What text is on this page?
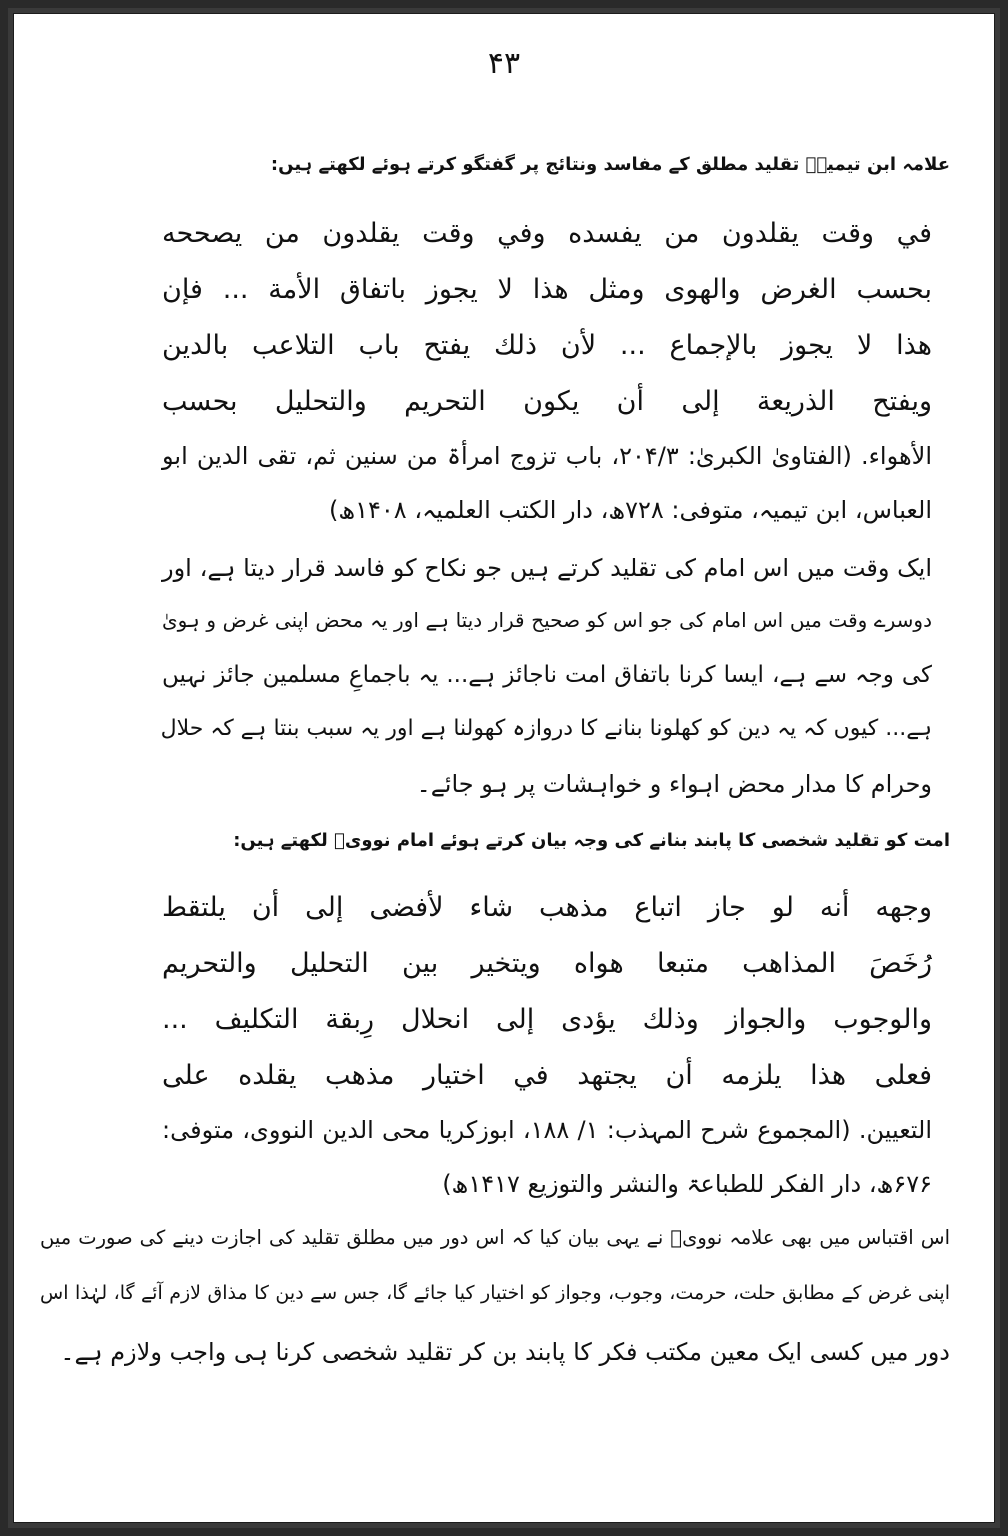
۴۳
علامہ ابن تیمیہؒ تقلید مطلق کے مفاسد ونتائج پر گفتگو کرتے ہوئے لکھتے ہیں:
في وقت يقلدون من يفسده وفي وقت يقلدون من يصححه
بحسب الغرض والهوى ومثل هذا لا يجوز باتفاق الأمة ... فإن
هذا لا يجوز بالإجماع ... لأن ذلك يفتح باب التلاعب بالدين
ويفتح الذريعة إلى أن يكون التحريم والتحليل بحسب
الأهواء. (الفتاویٰ الکبریٰ: ۲۰۴/۳، باب تزوج امرأۃ من سنین ثم، تقی الدین ابو
العباس، ابن تیمیہ، متوفی: ۷۲۸ھ، دار الکتب العلمیہ، ۱۴۰۸ھ)
ایک وقت میں اس امام کی تقلید کرتے ہیں جو نکاح کو فاسد قرار دیتا ہے، اور
دوسرے وقت میں اس امام کی جو اس کو صحیح قرار دیتا ہے اور یہ محض اپنی غرض و ہویٰ
کی وجہ سے ہے، ایسا کرنا باتفاق امت ناجائز ہے... یہ باجماعِ مسلمین جائز نہیں
ہے... کیوں کہ یہ دین کو کھلونا بنانے کا دروازہ کھولنا ہے اور یہ سبب بنتا ہے کہ حلال
وحرام کا مدار محض اہواء و خواہشات پر ہو جائے۔
امت کو تقلید شخصی کا پابند بنانے کی وجہ بیان کرتے ہوئے امام نوویؒ لکھتے ہیں:
وجهه أنه لو جاز اتباع مذهب شاء لأفضى إلى أن يلتقط
رُخَصَ المذاهب متبعا هواه ويتخير بين التحليل والتحريم
والوجوب والجواز وذلك يؤدى إلى انحلال رِبقة التكليف ...
فعلى هذا يلزمه أن يجتهد في اختيار مذهب يقلده على
التعيين. (المجموع شرح المہذب: ۱/ ۱۸۸، ابوزکریا محی الدین النووی، متوفی:
۶۷۶ھ، دار الفکر للطباعۃ والنشر والتوزیع ۱۴۱۷ھ)
اس اقتباس میں بھی علامہ نوویؒ نے یہی بیان کیا کہ اس دور میں مطلق تقلید کی اجازت دینے کی صورت میں
اپنی غرض کے مطابق حلت، حرمت، وجوب، وجواز کو اختیار کیا جائے گا، جس سے دین کا مذاق لازم آئے گا، لہٰذا اس
دور میں کسی ایک معین مکتب فکر کا پابند بن کر تقلید شخصی کرنا ہی واجب ولازم ہے۔
